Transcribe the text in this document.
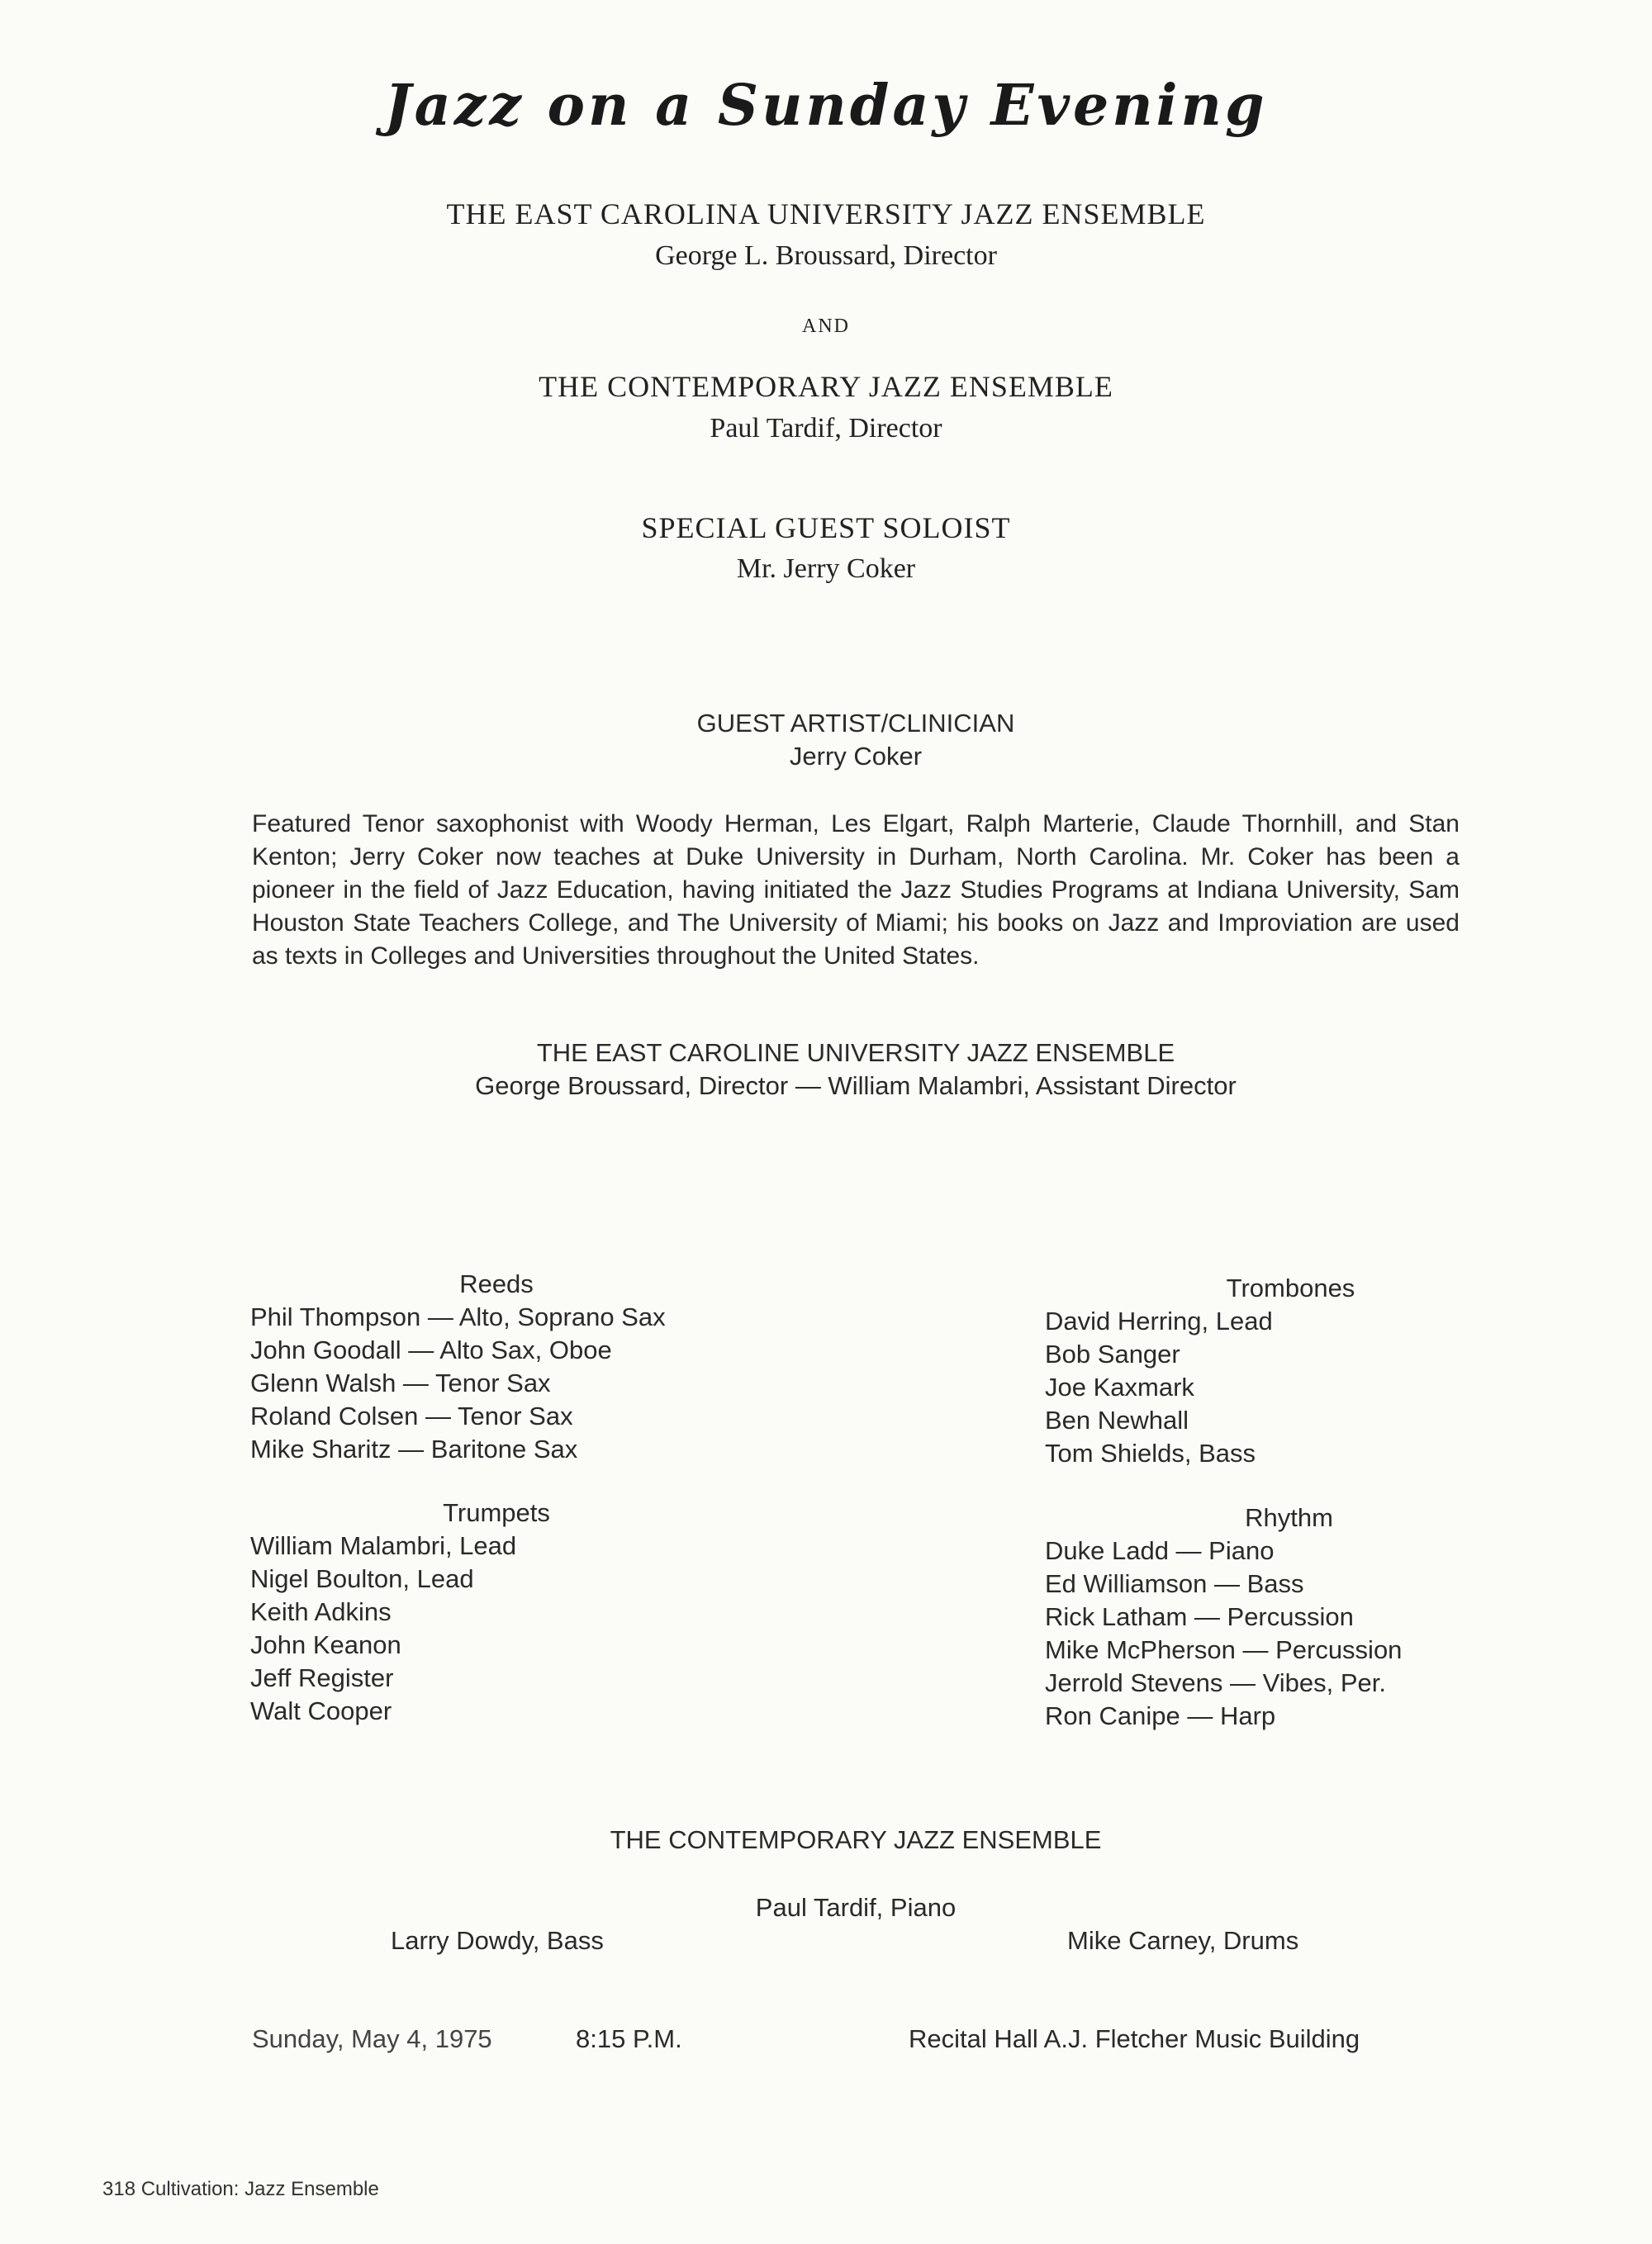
Jazz on a Sunday Evening
THE EAST CAROLINA UNIVERSITY JAZZ ENSEMBLE
George L. Broussard, Director
AND
THE CONTEMPORARY JAZZ ENSEMBLE
Paul Tardif, Director
SPECIAL GUEST SOLOIST
Mr. Jerry Coker
GUEST ARTIST/CLINICIAN
Jerry Coker

Featured Tenor saxophonist with Woody Herman, Les Elgart, Ralph Marterie, Claude Thornhill, and Stan Kenton; Jerry Coker now teaches at Duke University in Durham, North Carolina. Mr. Coker has been a pioneer in the field of Jazz Education, having initiated the Jazz Studies Programs at Indiana University, Sam Houston State Teachers College, and The University of Miami; his books on Jazz and Improviation are used as texts in Colleges and Universities throughout the United States.

THE EAST CAROLINE UNIVERSITY JAZZ ENSEMBLE
George Broussard, Director — William Malambri, Assistant Director
Reeds
Phil Thompson — Alto, Soprano Sax
John Goodall — Alto Sax, Oboe
Glenn Walsh — Tenor Sax
Roland Colsen — Tenor Sax
Mike Sharitz — Baritone Sax
Trumpets
William Malambri, Lead
Nigel Boulton, Lead
Keith Adkins
John Keanon
Jeff Register
Walt Cooper
Trombones
David Herring, Lead
Bob Sanger
Joe Kaxmark
Ben Newhall
Tom Shields, Bass
Rhythm
Duke Ladd — Piano
Ed Williamson — Bass
Rick Latham — Percussion
Mike McPherson — Percussion
Jerrold Stevens — Vibes, Per.
Ron Canipe — Harp
THE CONTEMPORARY JAZZ ENSEMBLE
Paul Tardif, Piano
Larry Dowdy, Bass	Mike Carney, Drums
Sunday, May 4, 1975	8:15 P.M.	Recital Hall A.J. Fletcher Music Building
318 Cultivation: Jazz Ensemble
